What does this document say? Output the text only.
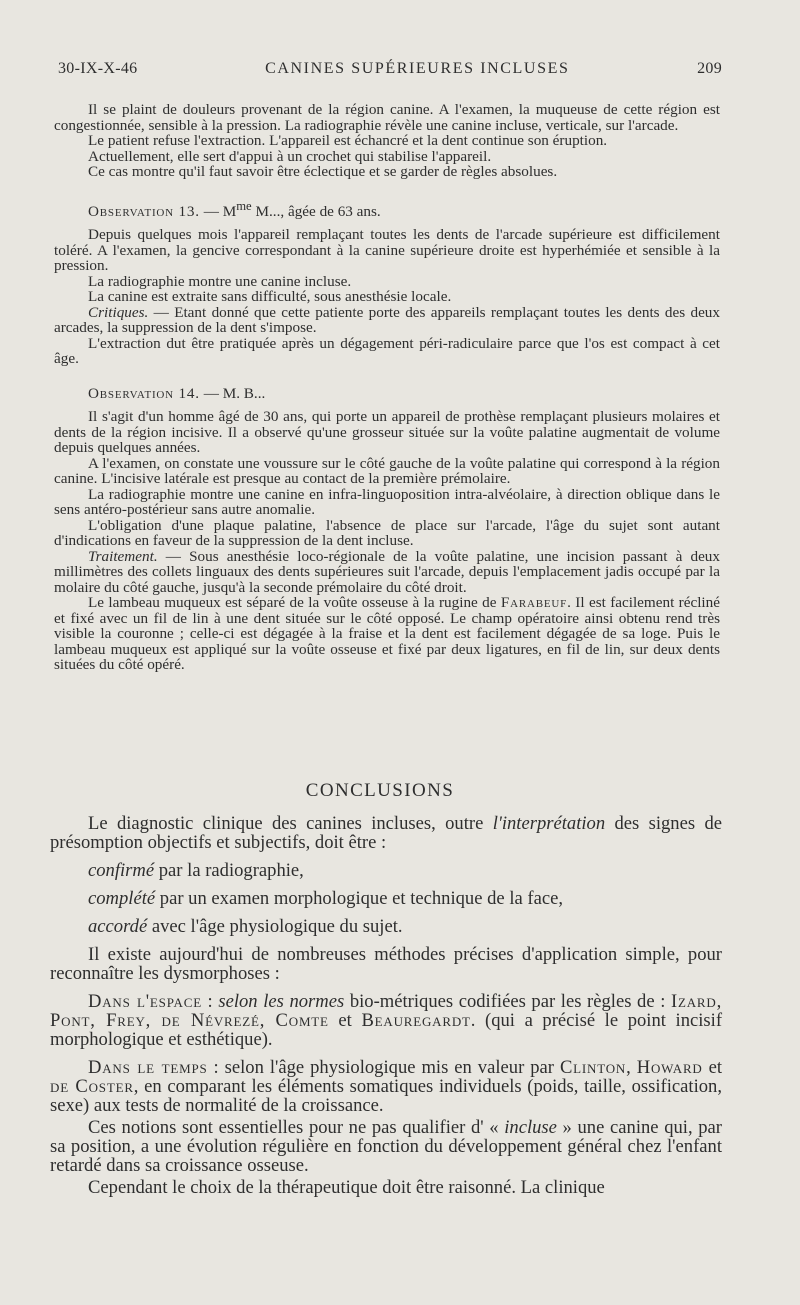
30-IX-X-46	CANINES SUPÉRIEURES INCLUSES	209

Il se plaint de douleurs provenant de la région canine. A l'examen, la muqueuse de cette région est congestionnée, sensible à la pression. La radiographie révèle une canine incluse, verticale, sur l'arcade.

Le patient refuse l'extraction. L'appareil est échancré et la dent continue son éruption.

Actuellement, elle sert d'appui à un crochet qui stabilise l'appareil.

Ce cas montre qu'il faut savoir être éclectique et se garder de règles absolues.

Observation 13. — $M^{me}$ M..., âgée de 63 ans.

Depuis quelques mois l'appareil remplaçant toutes les dents de l'arcade supérieure est difficilement toléré. A l'examen, la gencive correspondant à la canine supérieure droite est hyperhémiée et sensible à la pression.

La radiographie montre une canine incluse.

La canine est extraite sans difficulté, sous anesthésie locale.

Critiques. — Etant donné que cette patiente porte des appareils remplaçant toutes les dents des deux arcades, la suppression de la dent s'impose.

L'extraction dut être pratiquée après un dégagement péri-radiculaire parce que l'os est compact à cet âge.

Observation 14. — M. B...

Il s'agit d'un homme âgé de 30 ans, qui porte un appareil de prothèse remplaçant plusieurs molaires et dents de la région incisive. Il a observé qu'une grosseur située sur la voûte palatine augmentait de volume depuis quelques années.

A l'examen, on constate une voussure sur le côté gauche de la voûte palatine qui correspond à la région canine. L'incisive latérale est presque au contact de la première prémolaire.

La radiographie montre une canine en infra-linguoposition intra-alvéolaire, à direction oblique dans le sens antéro-postérieur sans autre anomalie.

L'obligation d'une plaque palatine, l'absence de place sur l'arcade, l'âge du sujet sont autant d'indications en faveur de la suppression de la dent incluse.

Traitement. — Sous anesthésie loco-régionale de la voûte palatine, une incision passant à deux millimètres des collets linguaux des dents supérieures suit l'arcade, depuis l'emplacement jadis occupé par la molaire du côté gauche, jusqu'à la seconde prémolaire du côté droit.

Le lambeau muqueux est séparé de la voûte osseuse à la rugine de Farabeuf. Il est facilement récliné et fixé avec un fil de lin à une dent située sur le côté opposé. Le champ opératoire ainsi obtenu rend très visible la couronne ; celle-ci est dégagée à la fraise et la dent est facilement dégagée de sa loge. Puis le lambeau muqueux est appliqué sur la voûte osseuse et fixé par deux ligatures, en fil de lin, sur deux dents situées du côté opéré.

CONCLUSIONS

Le diagnostic clinique des canines incluses, outre l'interprétation des signes de présomption objectifs et subjectifs, doit être :

confirmé par la radiographie,

complété par un examen morphologique et technique de la face,

accordé avec l'âge physiologique du sujet.

Il existe aujourd'hui de nombreuses méthodes précises d'application simple, pour reconnaître les dysmorphoses :

Dans l'espace : selon les normes bio-métriques codifiées par les règles de : Izard, Pont, Frey, de Névrezé, Comte et Beauregardt. (qui a précisé le point incisif morphologique et esthétique).

Dans le temps : selon l'âge physiologique mis en valeur par Clinton, Howard et de Coster, en comparant les éléments somatiques individuels (poids, taille, ossification, sexe) aux tests de normalité de la croissance.

Ces notions sont essentielles pour ne pas qualifier d' « incluse » une canine qui, par sa position, a une évolution régulière en fonction du développement général chez l'enfant retardé dans sa croissance osseuse.

Cependant le choix de la thérapeutique doit être raisonné. La clinique
